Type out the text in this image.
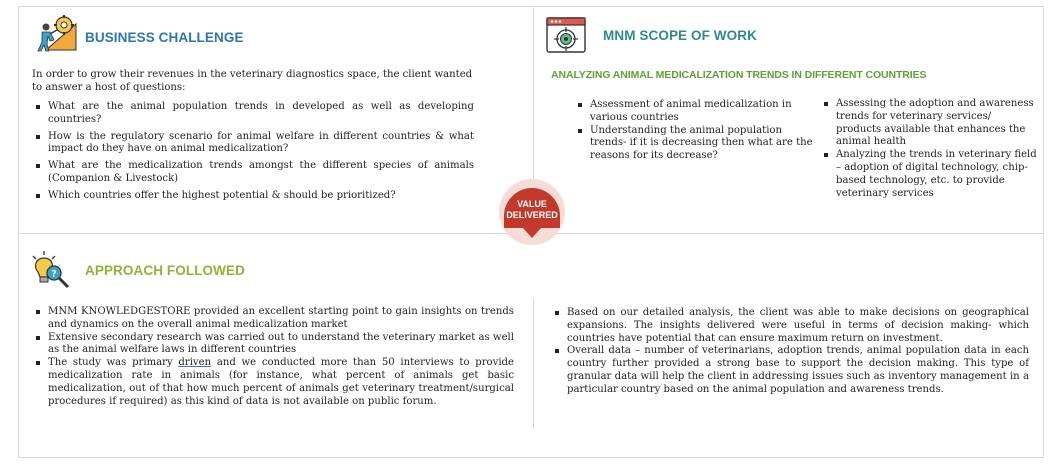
BUSINESS CHALLENGE
In order to grow their revenues in the veterinary diagnostics space, the client wanted to answer a host of questions:
What are the animal population trends in developed as well as developing countries?
How is the regulatory scenario for animal welfare in different countries & what impact do they have on animal medicalization?
What are the medicalization trends amongst the different species of animals (Companion & Livestock)
Which countries offer the highest potential & should be prioritized?
MNM SCOPE OF WORK
ANALYZING ANIMAL MEDICALIZATION TRENDS IN DIFFERENT COUNTRIES
Assessment of animal medicalization in various countries
Understanding the animal population trends- if it is decreasing then what are the reasons for its decrease?
Assessing the adoption and awareness trends for veterinary services/ products available that enhances the animal health
Analyzing the trends in veterinary field – adoption of digital technology, chip-based technology, etc. to provide veterinary services
VALUE
DELIVERED
? APPROACH FOLLOWED
MNM KNOWLEDGESTORE provided an excellent starting point to gain insights on trends and dynamics on the overall animal medicalization market
Extensive secondary research was carried out to understand the veterinary market as well as the animal welfare laws in different countries
The study was primary driven and we conducted more than 50 interviews to provide medicalization rate in animals (for instance, what percent of animals get basic medicalization, out of that how much percent of animals get veterinary treatment/surgical procedures if required) as this kind of data is not available on public forum.
Based on our detailed analysis, the client was able to make decisions on geographical expansions. The insights delivered were useful in terms of decision making- which countries have potential that can ensure maximum return on investment.
Overall data – number of veterinarians, adoption trends, animal population data in each country further provided a strong base to support the decision making. This type of granular data will help the client in addressing issues such as inventory management in a particular country based on the animal population and awareness trends.
